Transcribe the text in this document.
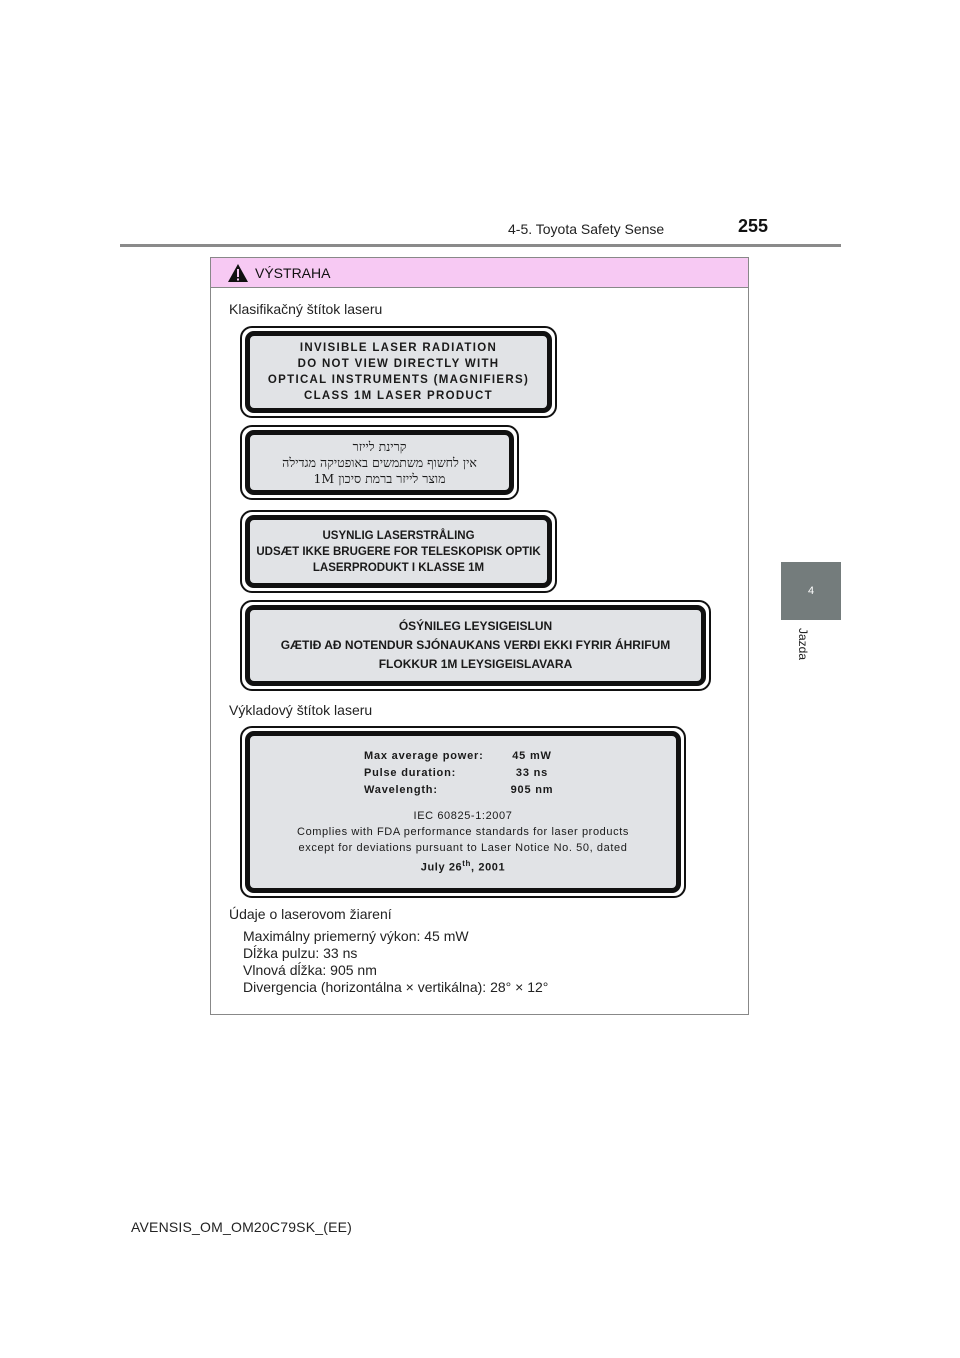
4-5. Toyota Safety Sense	255
4
Jazda
VÝSTRAHA
Klasifikačný štítok laseru
INVISIBLE LASER RADIATION
DO NOT VIEW DIRECTLY WITH
OPTICAL INSTRUMENTS (MAGNIFIERS)
CLASS 1M LASER PRODUCT
קרינת לייזר
אין לחשוף משתמשים באופטיקה מגדילה
מוצר לייזר ברמת סיכון 1M
USYNLIG LASERSTRÅLING
UDSÆT IKKE BRUGERE FOR TELESKOPISK OPTIK
LASERPRODUKT I KLASSE 1M
ÓSÝNILEG LEYSIGEISLUN
GÆTIÐ AÐ NOTENDUR SJÓNAUKANS VERÐI EKKI FYRIR ÁHRIFUM
FLOKKUR 1M LEYSIGEISLAVARA
Výkladový štítok laseru
Max average power:	45 mW
Pulse duration:	33 ns
Wavelength:	905 nm
IEC 60825-1:2007
Complies with FDA performance standards for laser products
except for deviations pursuant to Laser Notice No. 50, dated
July 26th, 2001
Údaje o laserovom žiarení
Maximálny priemerný výkon: 45 mW
Dĺžka pulzu: 33 ns
Vlnová dĺžka: 905 nm
Divergencia (horizontálna × vertikálna): 28° × 12°
AVENSIS_OM_OM20C79SK_(EE)
